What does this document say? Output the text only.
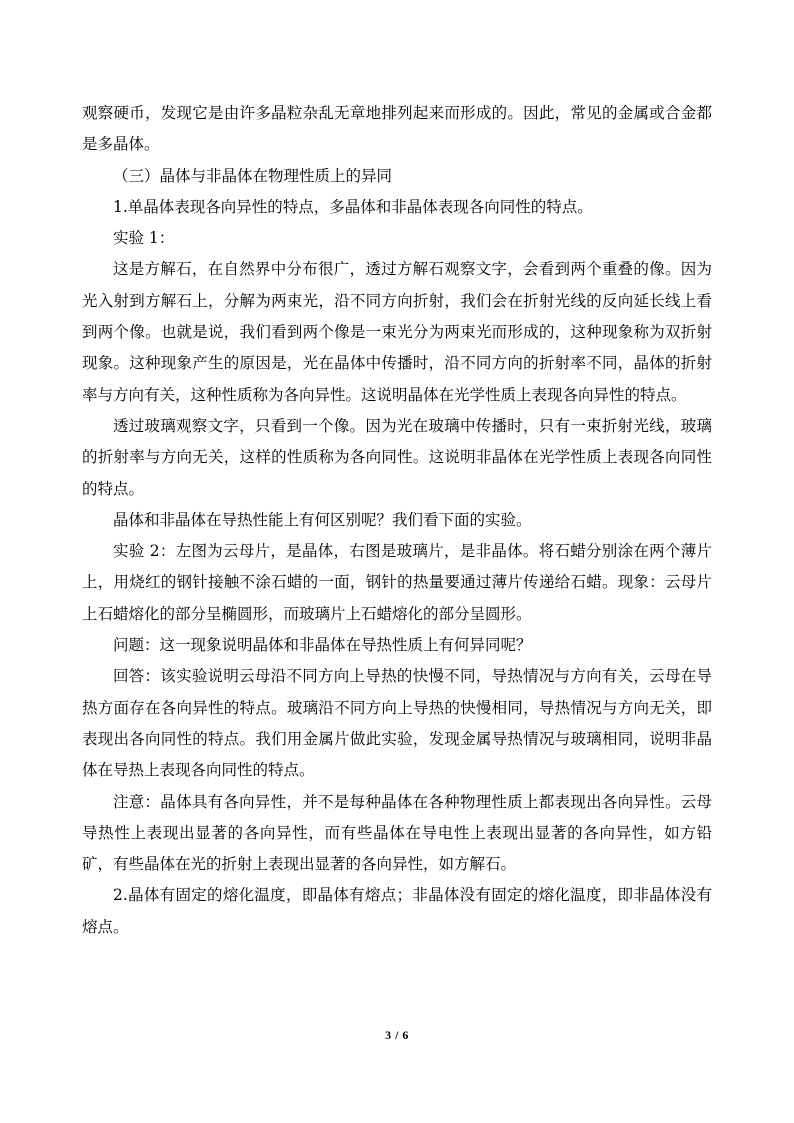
观察硬币，发现它是由许多晶粒杂乱无章地排列起来而形成的。因此，常见的金属或合金都是多晶体。

（三）晶体与非晶体在物理性质上的异同

1.单晶体表现各向异性的特点，多晶体和非晶体表现各向同性的特点。

实验 1：

这是方解石，在自然界中分布很广，透过方解石观察文字，会看到两个重叠的像。因为光入射到方解石上，分解为两束光，沿不同方向折射，我们会在折射光线的反向延长线上看到两个像。也就是说，我们看到两个像是一束光分为两束光而形成的，这种现象称为双折射现象。这种现象产生的原因是，光在晶体中传播时，沿不同方向的折射率不同，晶体的折射率与方向有关，这种性质称为各向异性。这说明晶体在光学性质上表现各向异性的特点。

透过玻璃观察文字，只看到一个像。因为光在玻璃中传播时，只有一束折射光线，玻璃的折射率与方向无关，这样的性质称为各向同性。这说明非晶体在光学性质上表现各向同性的特点。

晶体和非晶体在导热性能上有何区别呢？我们看下面的实验。

实验 2：左图为云母片，是晶体，右图是玻璃片，是非晶体。将石蜡分别涂在两个薄片上，用烧红的钢针接触不涂石蜡的一面，钢针的热量要通过薄片传递给石蜡。现象：云母片上石蜡熔化的部分呈椭圆形，而玻璃片上石蜡熔化的部分呈圆形。

问题：这一现象说明晶体和非晶体在导热性质上有何异同呢？

回答：该实验说明云母沿不同方向上导热的快慢不同，导热情况与方向有关，云母在导热方面存在各向异性的特点。玻璃沿不同方向上导热的快慢相同，导热情况与方向无关，即表现出各向同性的特点。我们用金属片做此实验，发现金属导热情况与玻璃相同，说明非晶体在导热上表现各向同性的特点。

注意：晶体具有各向异性，并不是每种晶体在各种物理性质上都表现出各向异性。云母导热性上表现出显著的各向异性，而有些晶体在导电性上表现出显著的各向异性，如方铅矿，有些晶体在光的折射上表现出显著的各向异性，如方解石。

2.晶体有固定的熔化温度，即晶体有熔点；非晶体没有固定的熔化温度，即非晶体没有熔点。

3 / 6
